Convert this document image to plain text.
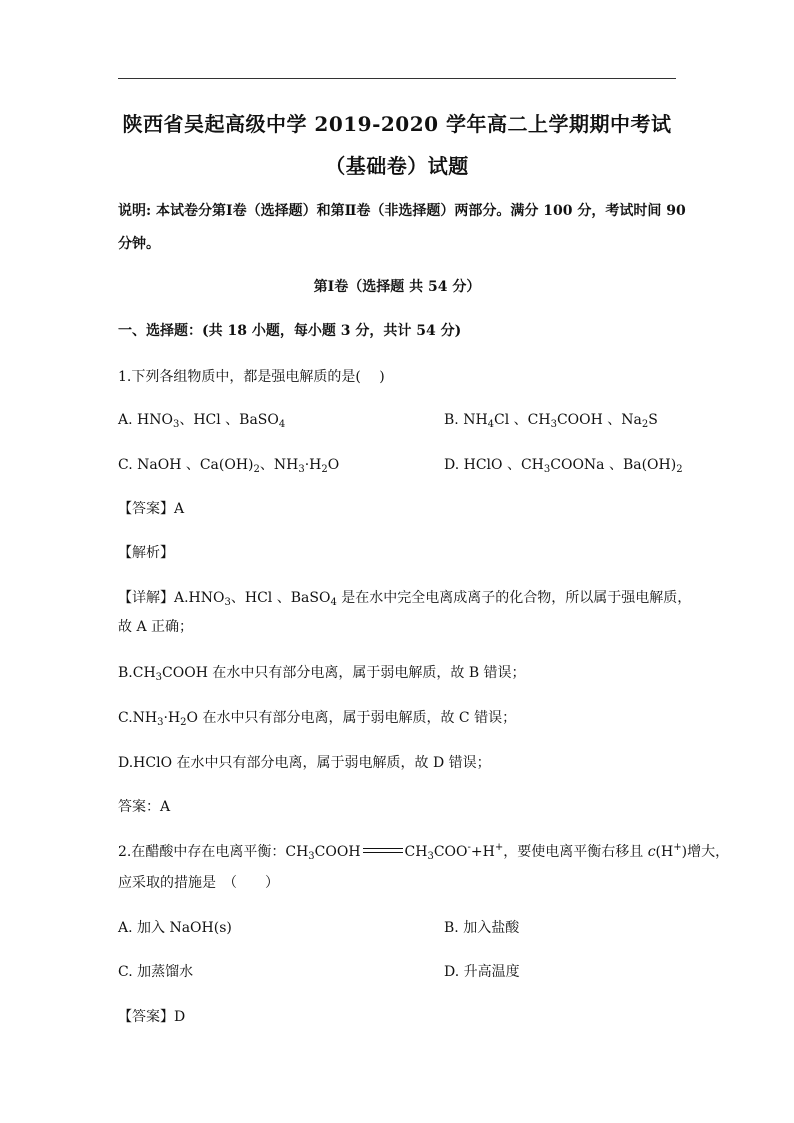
陕西省吴起高级中学 2019-2020 学年高二上学期期中考试
（基础卷）试题
说明: 本试卷分第Ⅰ卷（选择题）和第Ⅱ卷（非选择题）两部分。满分 100 分，考试时间 90
分钟。
第Ⅰ卷（选择题 共 54 分）
一、选择题：(共 18 小题，每小题 3 分，共计 54 分)
1.下列各组物质中，都是强电解质的是(　 )
A. $HNO_3$、HCl 、BaSO$_4$	B. $NH_4Cl$ 、$CH_3COOH$ 、$Na_2S$
C. NaOH 、$Ca(OH)_2$、$NH_3\cdot H_2O$	D. HClO 、$CH_3COONa$ 、$Ba(OH)_2$
【答案】A
【解析】
【详解】$A.HNO_3$、HCl 、BaSO$_4$ 是在水中完全电离成离子的化合物，所以属于强电解质，
故 A 正确；
$B.CH_3COOH$ 在水中只有部分电离，属于弱电解质，故 B 错误；
$C.NH_3\cdot H_2O$ 在水中只有部分电离，属于弱电解质，故 C 错误；
D.HClO 在水中只有部分电离，属于弱电解质，故 D 错误；
答案：A
2.在醋酸中存在电离平衡：$CH_3COOH$	$CH_3COO^-+H^+$，要使电离平衡右移且 c(H+)增大，
应采取的措施是　（　　）
A. 加入 NaOH(s)	B. 加入盐酸
C. 加蒸馏水	D. 升高温度
【答案】D
